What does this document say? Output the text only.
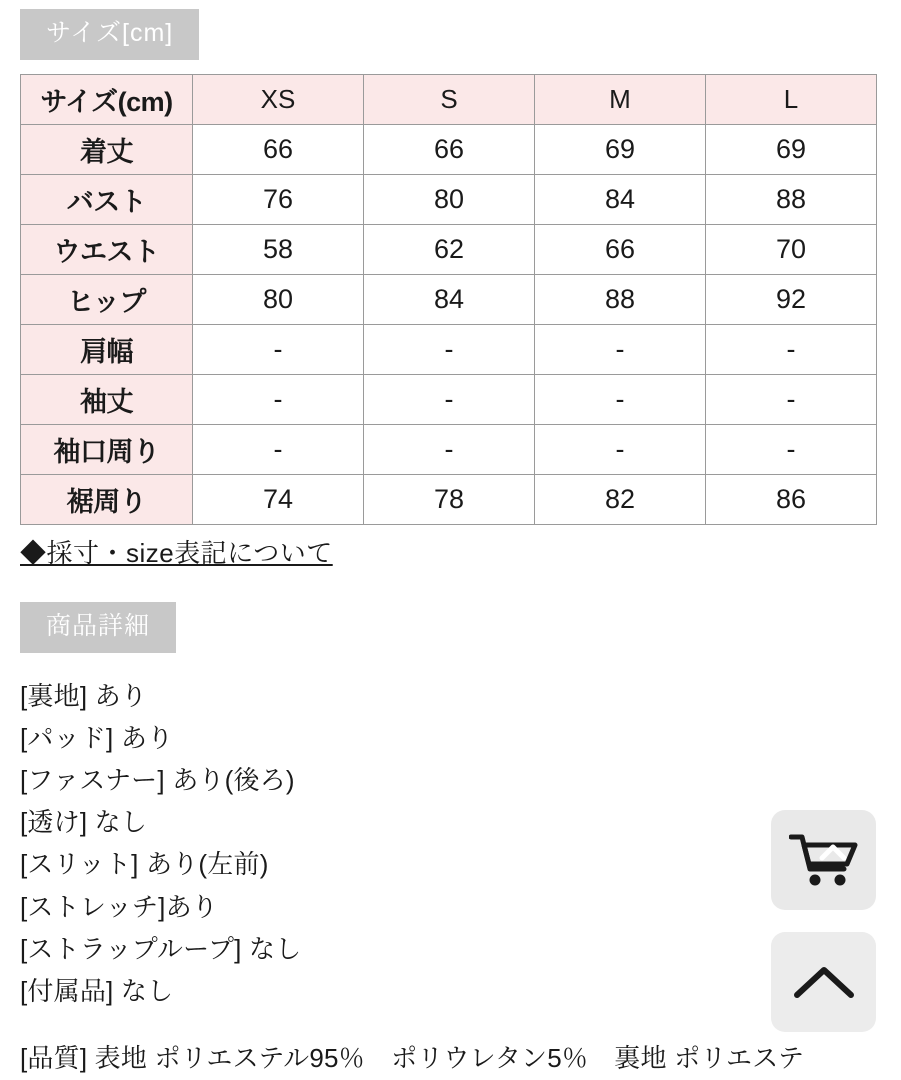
サイズ[cm]
サイズ(cm)	XS	S	M	L
着丈	66	66	69	69
バスト	76	80	84	88
ウエスト	58	62	66	70
ヒップ	80	84	88	92
肩幅	-	-	-	-
袖丈	-	-	-	-
袖口周り	-	-	-	-
裾周り	74	78	82	86
◆採寸・size表記について
商品詳細
[裏地] あり
[パッド] あり
[ファスナー] あり(後ろ)
[透け] なし
[スリット] あり(左前)
[ストレッチ]あり
[ストラップループ] なし
[付属品] なし
[品質] 表地 ポリエステル95％　ポリウレタン5％　裏地 ポリエステ
